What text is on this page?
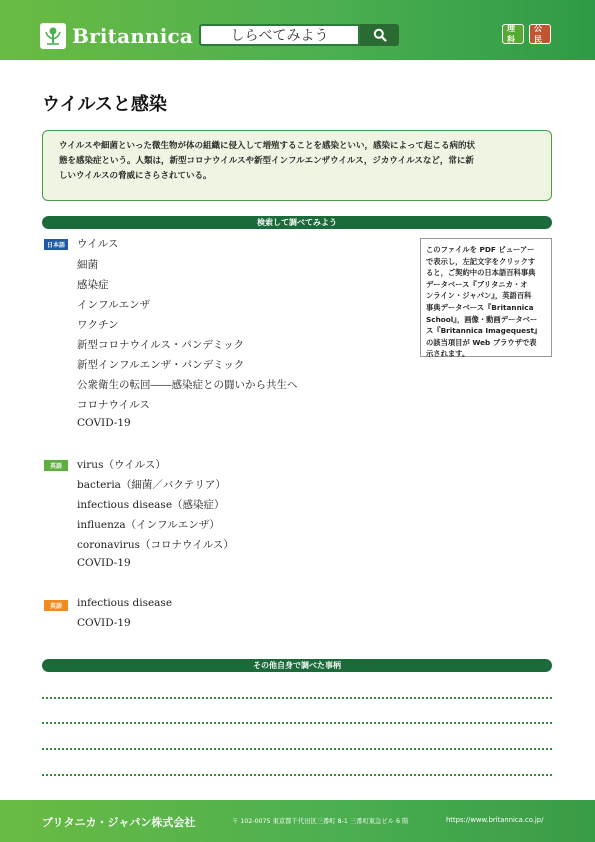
Britannica	しらべてみよう	理科
公民
ウイルスと感染
ウイルスや細菌といった微生物が体の組織に侵入して増殖することを感染といい，感染によって起こる病的状
態を感染症という。人類は，新型コロナウイルスや新型インフルエンザウイルス，ジカウイルスなど，常に新
しいウイルスの脅威にさらされている。
検索して調べてみよう
日本語 ウイルス
細菌
感染症
インフルエンザ
ワクチン
新型コロナウイルス・パンデミック
新型インフルエンザ・パンデミック
公衆衛生の転回――感染症との闘いから共生へ
コロナウイルス
COVID-19
英語	virus（ウイルス）
bacteria（細菌／バクテリア）
infectious disease（感染症）
influenza（インフルエンザ）
coronavirus（コロナウイルス）
COVID-19
英語	infectious disease
COVID-19
このファイルを PDF ビューアー
で表示し，左記文字をクリックす
ると，ご契約中の日本語百科事典
データベース『ブリタニカ・オ
ンライン・ジャパン』，英語百科
事典データベース『Britannica
School』，画像・動画データベー
ス『Britannica Imagequest』
の該当項目が Web ブラウザで表
示されます。
その他自身で調べた事柄
ブリタニカ・ジャパン株式会社	〒 102-0075 東京都千代田区三番町 8-1 三番町東急ビル 6 階	https://www.britannica.co.jp/
